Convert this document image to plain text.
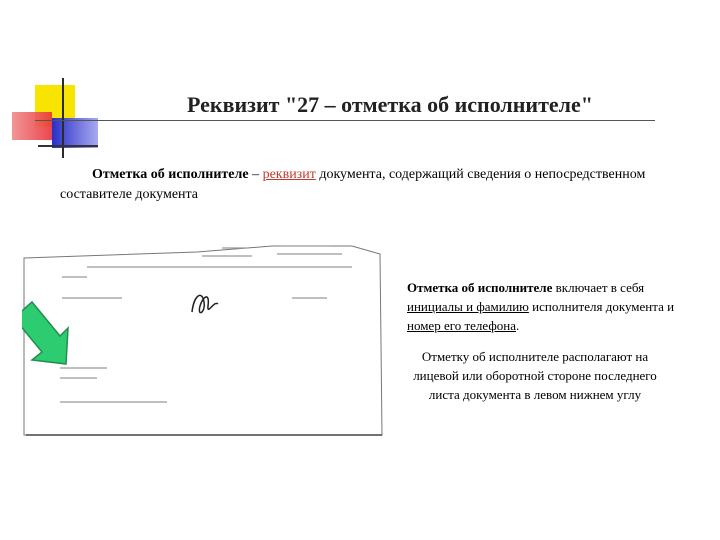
Реквизит "27 – отметка об исполнителе"
Отметка об исполнителе – реквизит документа, содержащий сведения о непосредственном составителе документа

Отметка об исполнителе включает в себя инициалы и фамилию исполнителя документа и номер его телефона.

Отметку об исполнителе располагают на лицевой или оборотной стороне последнего листа документа в левом нижнем углу
